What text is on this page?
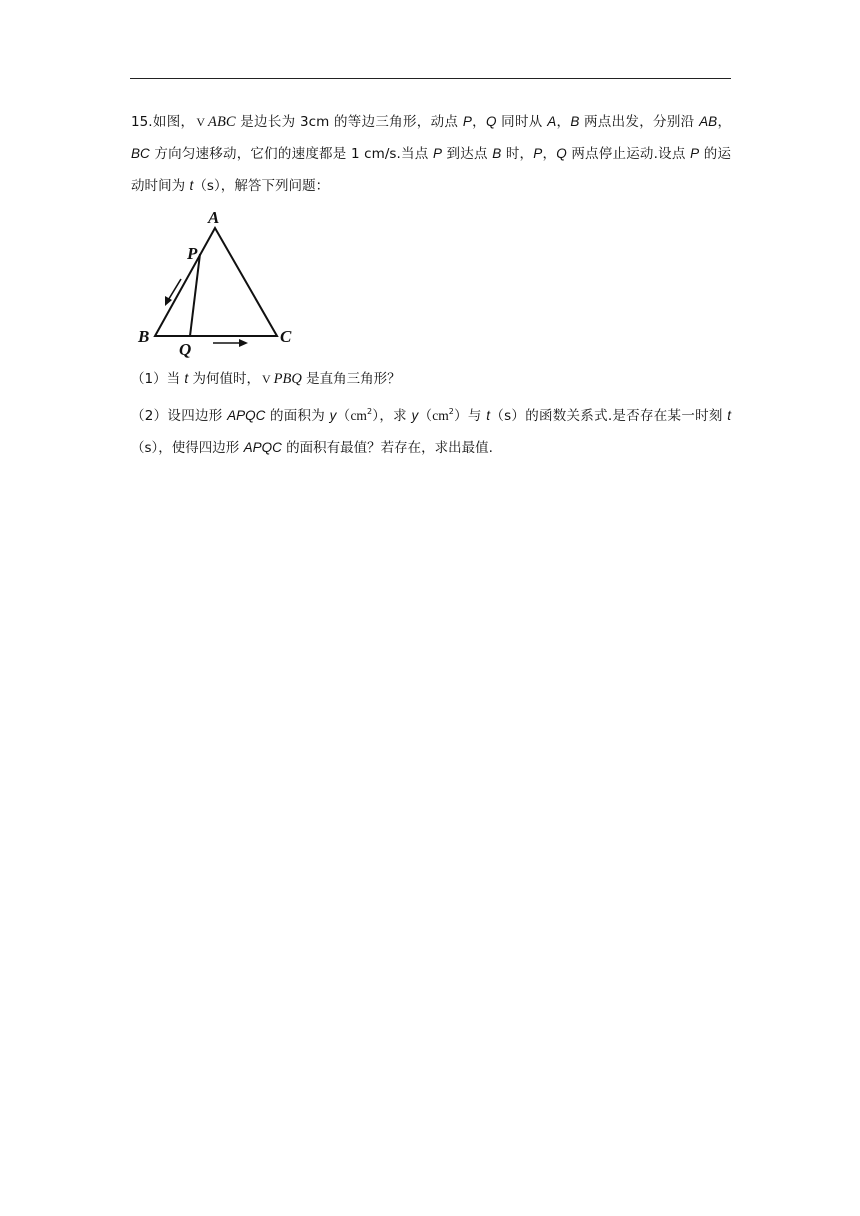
15.如图， V ABC 是边长为 3cm 的等边三角形，动点 P，Q 同时从 A，B 两点出发，分别沿 AB，BC 方向匀速移动，它们的速度都是 1 cm/s.当点 P 到达点 B 时，P，Q 两点停止运动.设点 P 的运动时间为 t（s），解答下列问题：

A
P
B	C
Q

（1）当 t 为何值时， V PBQ 是直角三角形？

（2）设四边形 APQC 的面积为 $y(cm^2)$，求 $y(cm^2)$与 t（s）的函数关系式.是否存在某一时刻 t（s），使得四边形 APQC 的面积有最值？若存在，求出最值.
